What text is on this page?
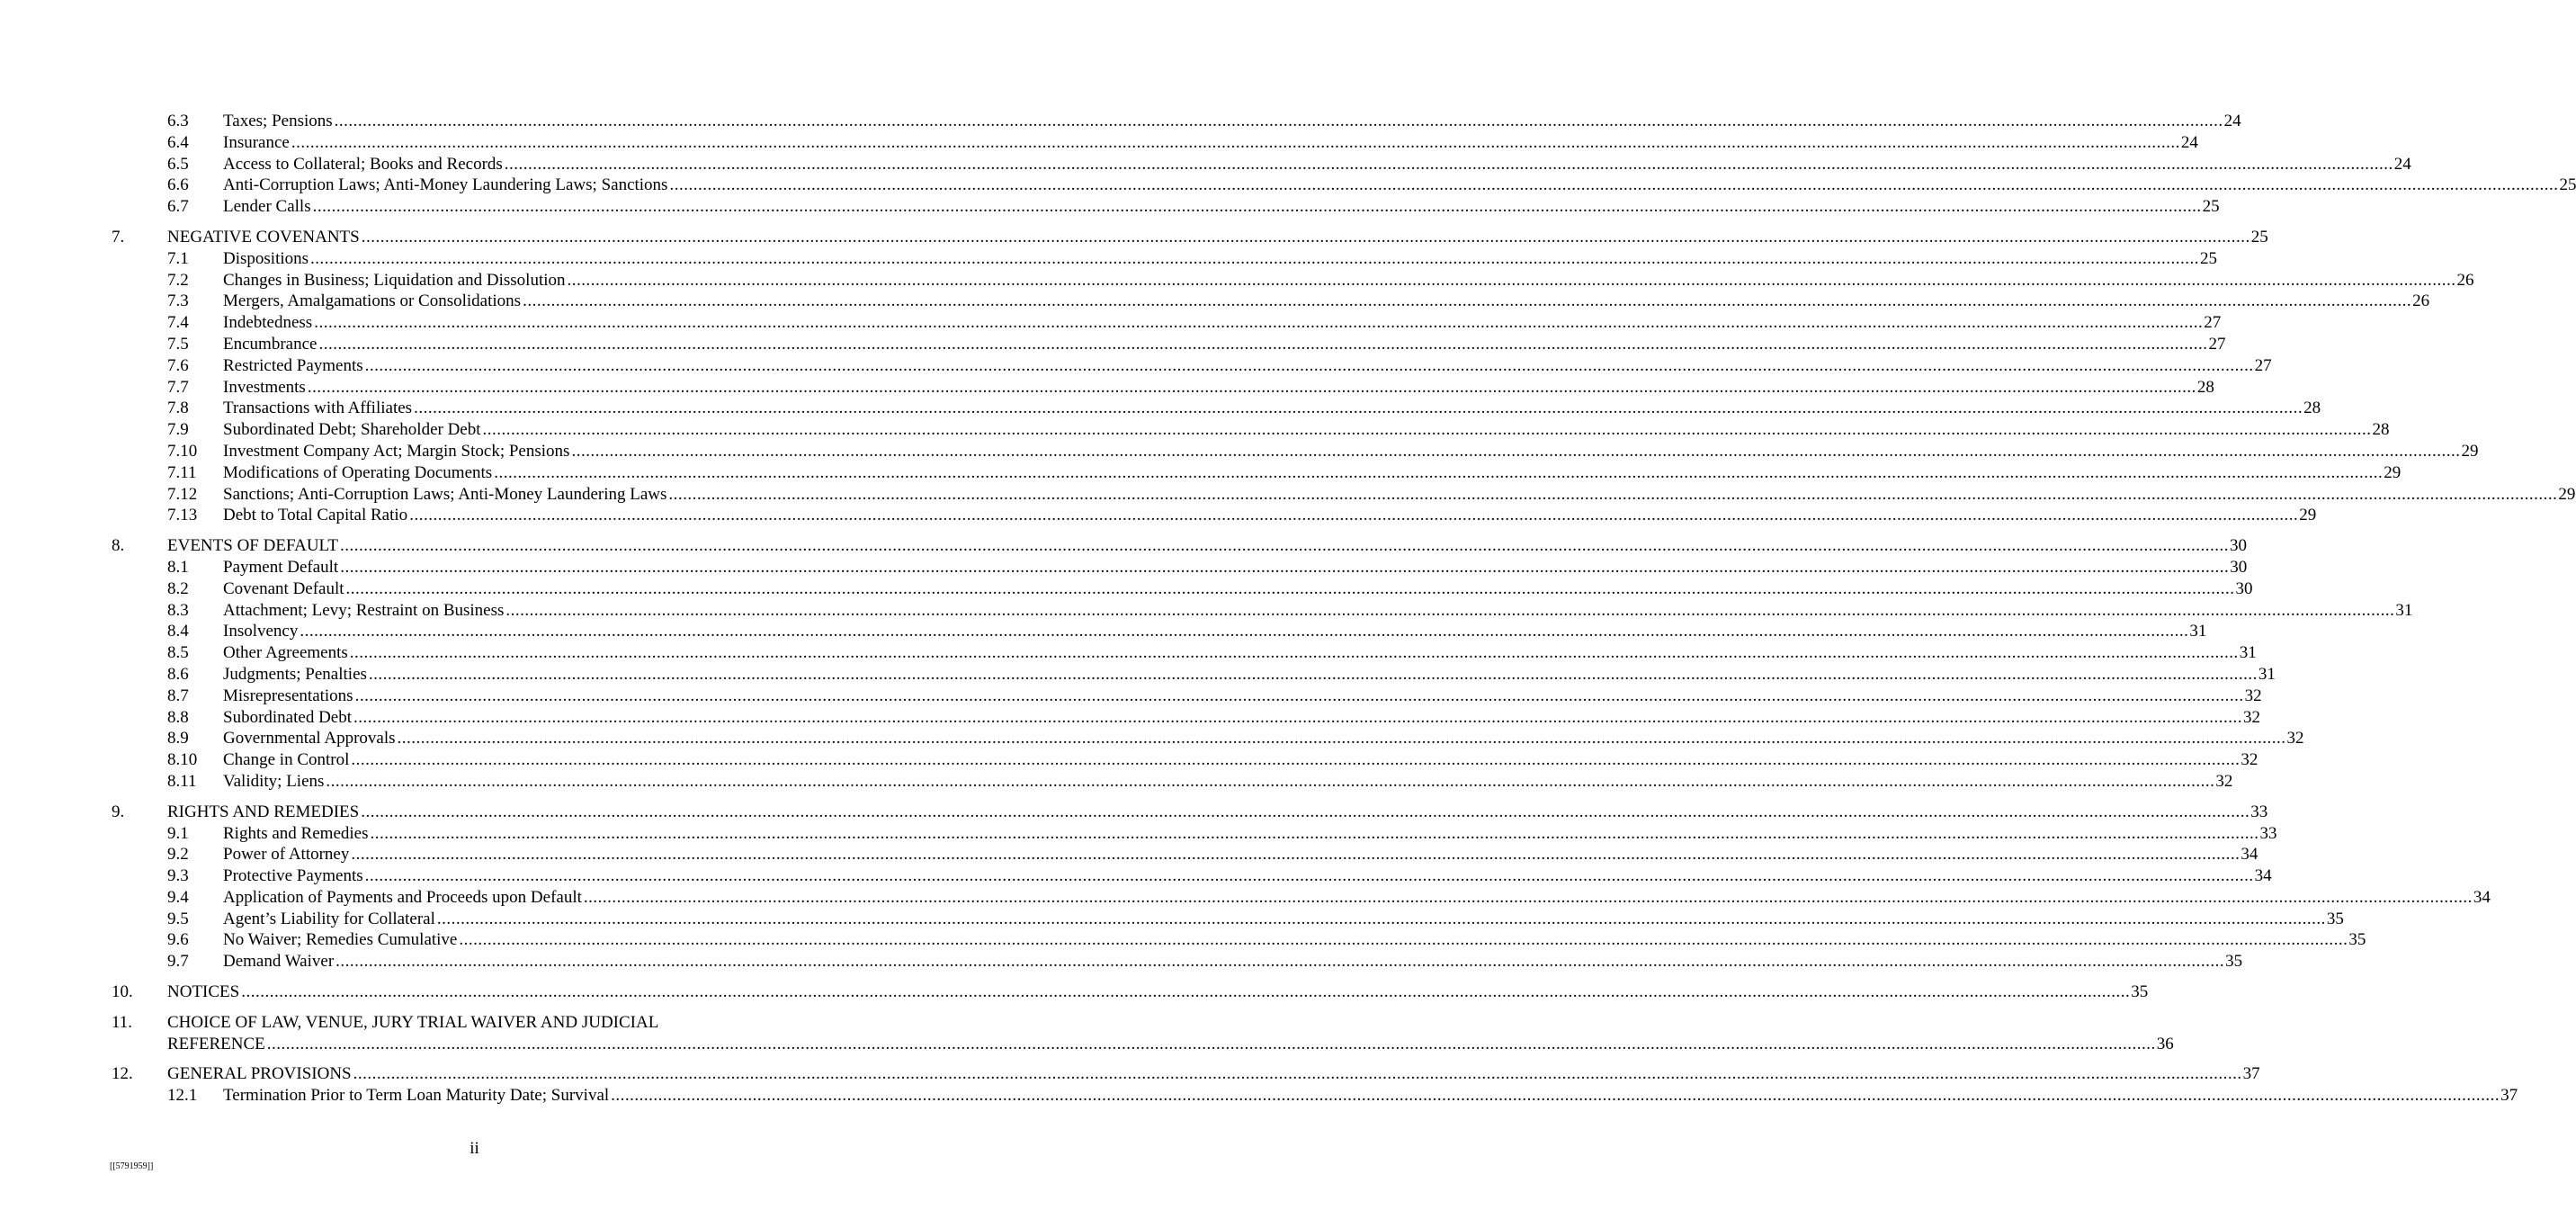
6.3 Taxes; Pensions ................................................................................................................................................................................................................................................................................................................................................................................................................ 24
6.4 Insurance ................................................................................................................................................................................................................................................................................................................................................................................................................ 24
6.5 Access to Collateral; Books and Records ................................................................................................................................................................................................................................................................................................................................................................................................................ 24
6.6 Anti-Corruption Laws; Anti-Money Laundering Laws; Sanctions ................................................................................................................................................................................................................................................................................................................................................................................................................ 25
6.7 Lender Calls ................................................................................................................................................................................................................................................................................................................................................................................................................ 25
7.	NEGATIVE COVENANTS ................................................................................................................................................................................................................................................................................................................................................................................................................ 25
7.1 Dispositions ................................................................................................................................................................................................................................................................................................................................................................................................................ 25
7.2 Changes in Business; Liquidation and Dissolution ................................................................................................................................................................................................................................................................................................................................................................................................................ 26
7.3 Mergers, Amalgamations or Consolidations ................................................................................................................................................................................................................................................................................................................................................................................................................ 26
7.4 Indebtedness ................................................................................................................................................................................................................................................................................................................................................................................................................ 27
7.5 Encumbrance ................................................................................................................................................................................................................................................................................................................................................................................................................ 27
7.6 Restricted Payments ................................................................................................................................................................................................................................................................................................................................................................................................................ 27
7.7 Investments ................................................................................................................................................................................................................................................................................................................................................................................................................ 28
7.8 Transactions with Affiliates ................................................................................................................................................................................................................................................................................................................................................................................................................ 28
7.9 Subordinated Debt; Shareholder Debt ................................................................................................................................................................................................................................................................................................................................................................................................................ 28
7.10 Investment Company Act; Margin Stock; Pensions ................................................................................................................................................................................................................................................................................................................................................................................................................ 29
7.11 Modifications of Operating Documents ................................................................................................................................................................................................................................................................................................................................................................................................................ 29
7.12 Sanctions; Anti-Corruption Laws; Anti-Money Laundering Laws ................................................................................................................................................................................................................................................................................................................................................................................................................ 29
7.13 Debt to Total Capital Ratio ................................................................................................................................................................................................................................................................................................................................................................................................................ 29
8.	EVENTS OF DEFAULT ................................................................................................................................................................................................................................................................................................................................................................................................................ 30
8.1 Payment Default ................................................................................................................................................................................................................................................................................................................................................................................................................ 30
8.2 Covenant Default ................................................................................................................................................................................................................................................................................................................................................................................................................ 30
8.3 Attachment; Levy; Restraint on Business ................................................................................................................................................................................................................................................................................................................................................................................................................ 31
8.4 Insolvency ................................................................................................................................................................................................................................................................................................................................................................................................................ 31
8.5 Other Agreements ................................................................................................................................................................................................................................................................................................................................................................................................................ 31
8.6 Judgments; Penalties ................................................................................................................................................................................................................................................................................................................................................................................................................ 31
8.7 Misrepresentations ................................................................................................................................................................................................................................................................................................................................................................................................................ 32
8.8 Subordinated Debt ................................................................................................................................................................................................................................................................................................................................................................................................................ 32
8.9 Governmental Approvals ................................................................................................................................................................................................................................................................................................................................................................................................................ 32
8.10 Change in Control ................................................................................................................................................................................................................................................................................................................................................................................................................ 32
8.11 Validity; Liens ................................................................................................................................................................................................................................................................................................................................................................................................................ 32
9.	RIGHTS AND REMEDIES ................................................................................................................................................................................................................................................................................................................................................................................................................ 33
9.1 Rights and Remedies ................................................................................................................................................................................................................................................................................................................................................................................................................ 33
9.2 Power of Attorney ................................................................................................................................................................................................................................................................................................................................................................................................................ 34
9.3 Protective Payments ................................................................................................................................................................................................................................................................................................................................................................................................................ 34
9.4 Application of Payments and Proceeds upon Default ................................................................................................................................................................................................................................................................................................................................................................................................................ 34
9.5 Agent’s Liability for Collateral ................................................................................................................................................................................................................................................................................................................................................................................................................ 35
9.6 No Waiver; Remedies Cumulative ................................................................................................................................................................................................................................................................................................................................................................................................................ 35
9.7 Demand Waiver ................................................................................................................................................................................................................................................................................................................................................................................................................ 35
10. NOTICES ................................................................................................................................................................................................................................................................................................................................................................................................................ 35
11. CHOICE OF LAW, VENUE, JURY TRIAL WAIVER AND JUDICIAL
REFERENCE ................................................................................................................................................................................................................................................................................................................................................................................................................ 36
12. GENERAL PROVISIONS ................................................................................................................................................................................................................................................................................................................................................................................................................ 37
12.1 Termination Prior to Term Loan Maturity Date; Survival ................................................................................................................................................................................................................................................................................................................................................................................................................ 37
ii
[[5791959]]
